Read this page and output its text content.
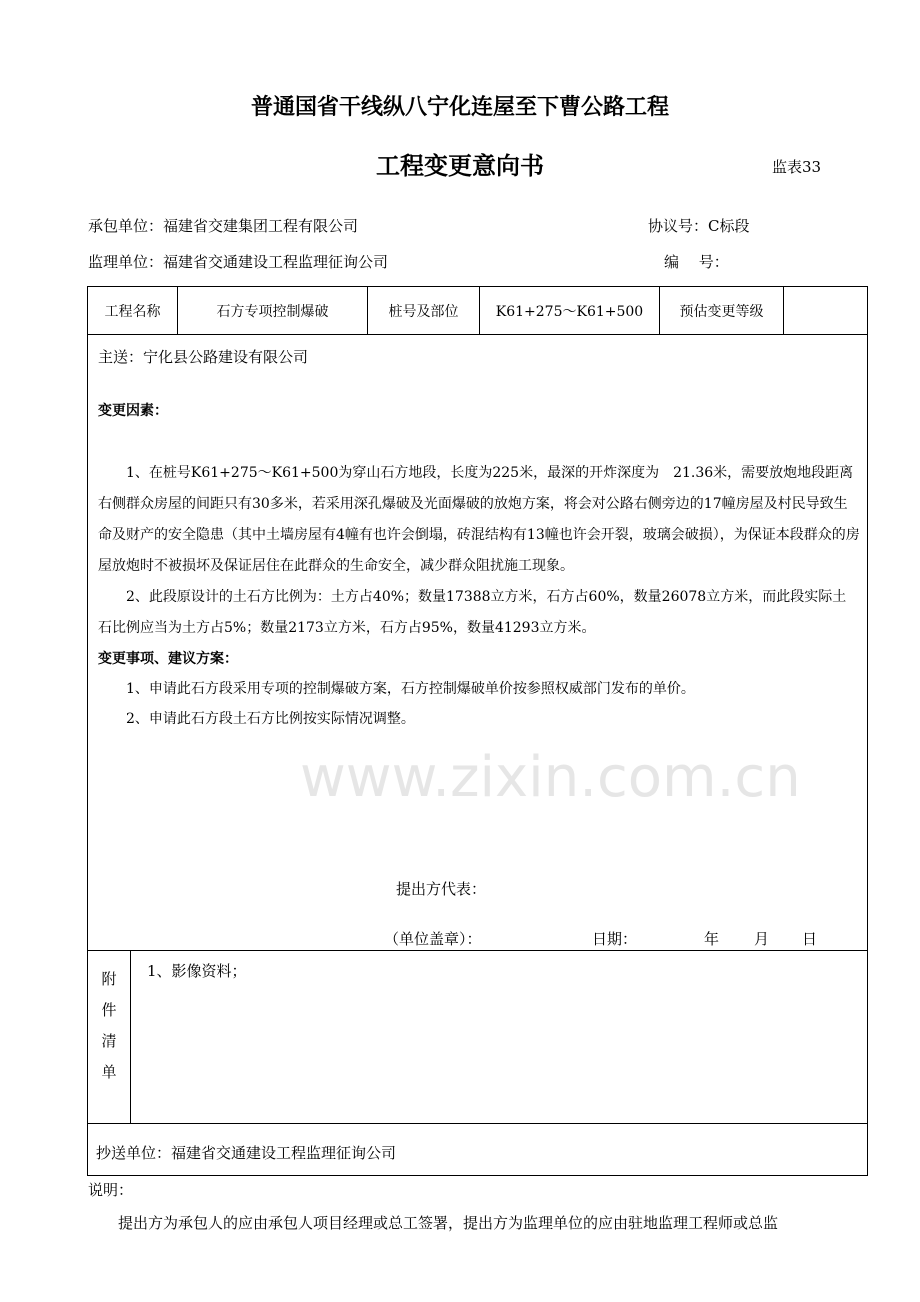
www.zixin.com.cn
普通国省干线纵八宁化连屋至下曹公路工程
工程变更意向书	监表33
承包单位：福建省交建集团工程有限公司	协议号：C标段
监理单位：福建省交通建设工程监理征询公司	编　 号：
工程名称	石方专项控制爆破	桩号及部位	K61+275～K61+500	预估变更等级
主送：宁化县公路建设有限公司
变更因素：
1、在桩号K61+275～K61+500为穿山石方地段，长度为225米，最深的开炸深度为　21.36米，需要放炮地段距离右侧群众房屋的间距只有30多米，若采用深孔爆破及光面爆破的放炮方案，将会对公路右侧旁边的17幢房屋及村民导致生命及财产的安全隐患（其中土墙房屋有4幢有也许会倒塌，砖混结构有13幢也许会开裂，玻璃会破损），为保证本段群众的房屋放炮时不被损坏及保证居住在此群众的生命安全，减少群众阻扰施工现象。
2、此段原设计的土石方比例为：土方占40%；数量17388立方米，石方占60%，数量26078立方米，而此段实际土石比例应当为土方占5%；数量2173立方米，石方占95%，数量41293立方米。
变更事项、建议方案：
1、申请此石方段采用专项的控制爆破方案，石方控制爆破单价按参照权威部门发布的单价。
2、申请此石方段土石方比例按实际情况调整。
提出方代表：
（单位盖章）：	日期：	年 月 日
附件清单
1、影像资料；
抄送单位：福建省交通建设工程监理征询公司
说明：
提出方为承包人的应由承包人项目经理或总工签署，提出方为监理单位的应由驻地监理工程师或总监
